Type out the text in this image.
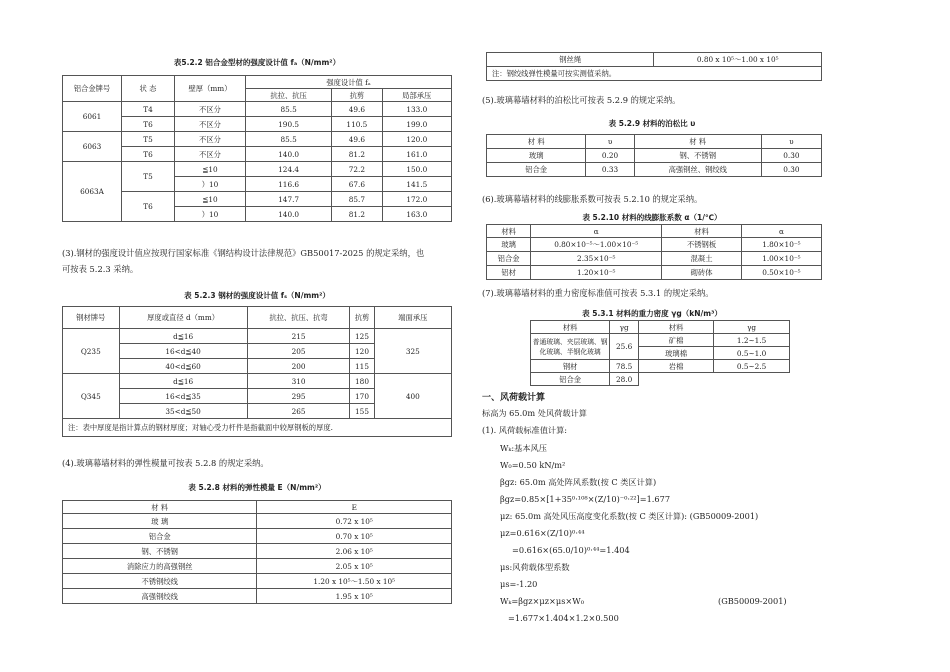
表5.2.2 铝合金型材的强度设计值 fₐ（N/mm²）
铝合金牌号	状 态	壁厚（mm）	强度设计值 fₐ		
			抗拉、抗压	抗剪	局部承压
6061	T4	不区分	85.5	49.6	133.0
	T6	不区分	190.5	110.5	199.0
6063	T5	不区分	85.5	49.6	120.0
	T6	不区分	140.0	81.2	161.0
6063A	T5	≦10	124.4	72.2	150.0
		）10	116.6	67.6	141.5
	T6	≦10	147.7	85.7	172.0
		）10	140.0	81.2	163.0
(3).钢材的强度设计值应按现行国家标准《钢结构设计法律规范》GB50017-2025 的规定采纳，也
可按表 5.2.3 采纳。
表 5.2.3 钢材的强度设计值 fₛ（N/mm²）
钢材牌号	厚度或直径 d（mm）	抗拉、抗压、抗弯	抗剪	端面承压
Q235	d≦16	215	125	325
	16<d≦40	205	120	
	40<d≦60	200	115	
Q345	d≦16	310	180	400
	16<d≦35	295	170	
	35<d≦50	265	155	
注：表中厚度是指计算点的钢材厚度；对轴心受力杆件是指截面中较厚钢板的厚度.				
(4).玻璃幕墙材料的弹性模量可按表 5.2.8 的规定采纳。
表 5.2.8 材料的弹性模量 E（N/mm²）
材 料	E
玻 璃	0.72 x 10⁵
铝合金	0.70 x 10⁵
钢、不锈钢	2.06 x 10⁵
消除应力的高强钢丝	2.05 x 10⁵
不锈钢绞线	1.20 x 10⁵～1.50 x 10⁵
高强钢绞线	1.95 x 10⁵
钢丝绳	0.80 x 10⁵～1.00 x 10⁵
注：钢绞线弹性模量可按实测值采纳。
(5).玻璃幕墙材料的泊松比可按表 5.2.9 的规定采纳。
表 5.2.9 材料的泊松比 υ
材 料	υ	材 料	υ
玻璃	0.20	钢、不锈钢	0.30
铝合金	0.33	高强钢丝、钢绞线	0.30
(6).玻璃幕墙材料的线膨胀系数可按表 5.2.10 的规定采纳。
表 5.2.10 材料的线膨胀系数 α（1/℃）
材料	α	材料	α
玻璃	0.80×10⁻⁵～1.00×10⁻⁵	不锈钢板	1.80×10⁻⁵
铝合金	2.35×10⁻⁵	混凝土	1.00×10⁻⁵
铝材	1.20×10⁻⁵	砌砖体	0.50×10⁻⁵
(7).玻璃幕墙材料的重力密度标准值可按表 5.3.1 的规定采纳。
表 5.3.1 材料的重力密度 γg（kN/m³）
材料	γg	材料	γg
普通玻璃、夹层玻璃、钢化玻璃、半钢化玻璃	25.6	矿棉	1.2~1.5
		玻璃棉	0.5~1.0
钢材	78.5	岩棉	0.5~2.5
铝合金	28.0		
一、风荷载计算
标高为 65.0m 处风荷载计算
(1). 风荷载标准值计算:
Wₖ:基本风压
W₀=0.50 kN/m²
βgz: 65.0m 高处阵风系数(按 C 类区计算)
βgz=0.85×[1+35⁰·¹⁰⁸×(Z/10)⁻⁰·²²]=1.677
μz: 65.0m 高处风压高度变化系数(按 C 类区计算): (GB50009-2001)
μz=0.616×(Z/10)⁰·⁴⁴
=0.616×(65.0/10)⁰·⁴⁴=1.404
μs:风荷载体型系数
μs=-1.20
Wₖ=βgz×μz×μs×W₀	(GB50009-2001)
=1.677×1.404×1.2×0.500
